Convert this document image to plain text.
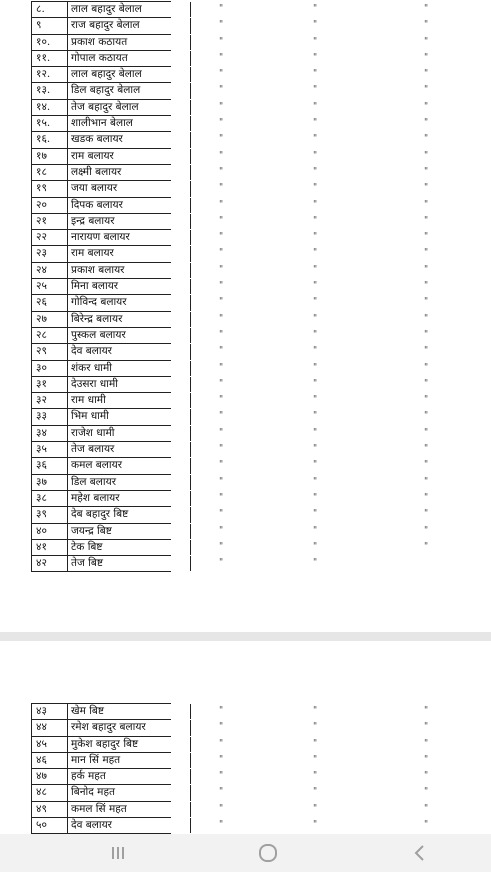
८.	लाल बहादुर बेलाल	"	"	"
९	राज बहादुर बेलाल	"	"	"
१०.	प्रकाश कठायत	"	"	"
११.	गोपाल कठायत	"	"	"
१२.	लाल बहादुर बेलाल	"	"	"
१३.	डिल बहादुर बेलाल	"	"	"
१४.	तेज बहादुर बेलाल	"	"	"
१५.	शालीभान बेलाल	"	"	"
१६.	खडक बलायर	"	"	"
१७	राम बलायर	"	"	"
१८	लक्ष्मी बलायर	"	"	"
१९	जया बलायर	"	"	"
२०	दिपक बलायर	"	"	"
२१	इन्द्र बलायर	"	"	"
२२	नारायण बलायर	"	"	"
२३	राम बलायर	"	"	"
२४	प्रकाश बलायर	"	"	"
२५	मिना बलायर	"	"	"
२६	गोविन्द बलायर	"	"	"
२७	बिरेन्द्र बलायर	"	"	"
२८	पुस्कल बलायर	"	"	"
२९	देव बलायर	"	"	"
३०	शंकर धामी	"	"	"
३१	देउसरा धामी	"	"	"
३२	राम धामी	"	"	"
३३	भिम धामी	"	"	"
३४	राजेश धामी	"	"	"
३५	तेज बलायर	"	"	"
३६	कमल बलायर	"	"	"
३७	डिल बलायर	"	"	"
३८	महेश बलायर	"	"	"
३९	देब बहादुर बिष्ट	"	"	"
४०	जयन्द्र बिष्ट	"	"	"
४१	टेक बिष्ट	"	"	"
४२	तेज बिष्ट	"	"
४३	खेम बिष्ट	"	"	"
४४	रमेश बहादुर बलायर	"	"	"
४५	मुकेश बहादुर बिष्ट	"	"	"
४६	मान सिं महत	"	"	"
४७	हर्क महत	"	"	"
४८	बिनोद महत	"	"	"
४९	कमल सिं महत	"	"	"
५०	देव बलायर	"	"	"
